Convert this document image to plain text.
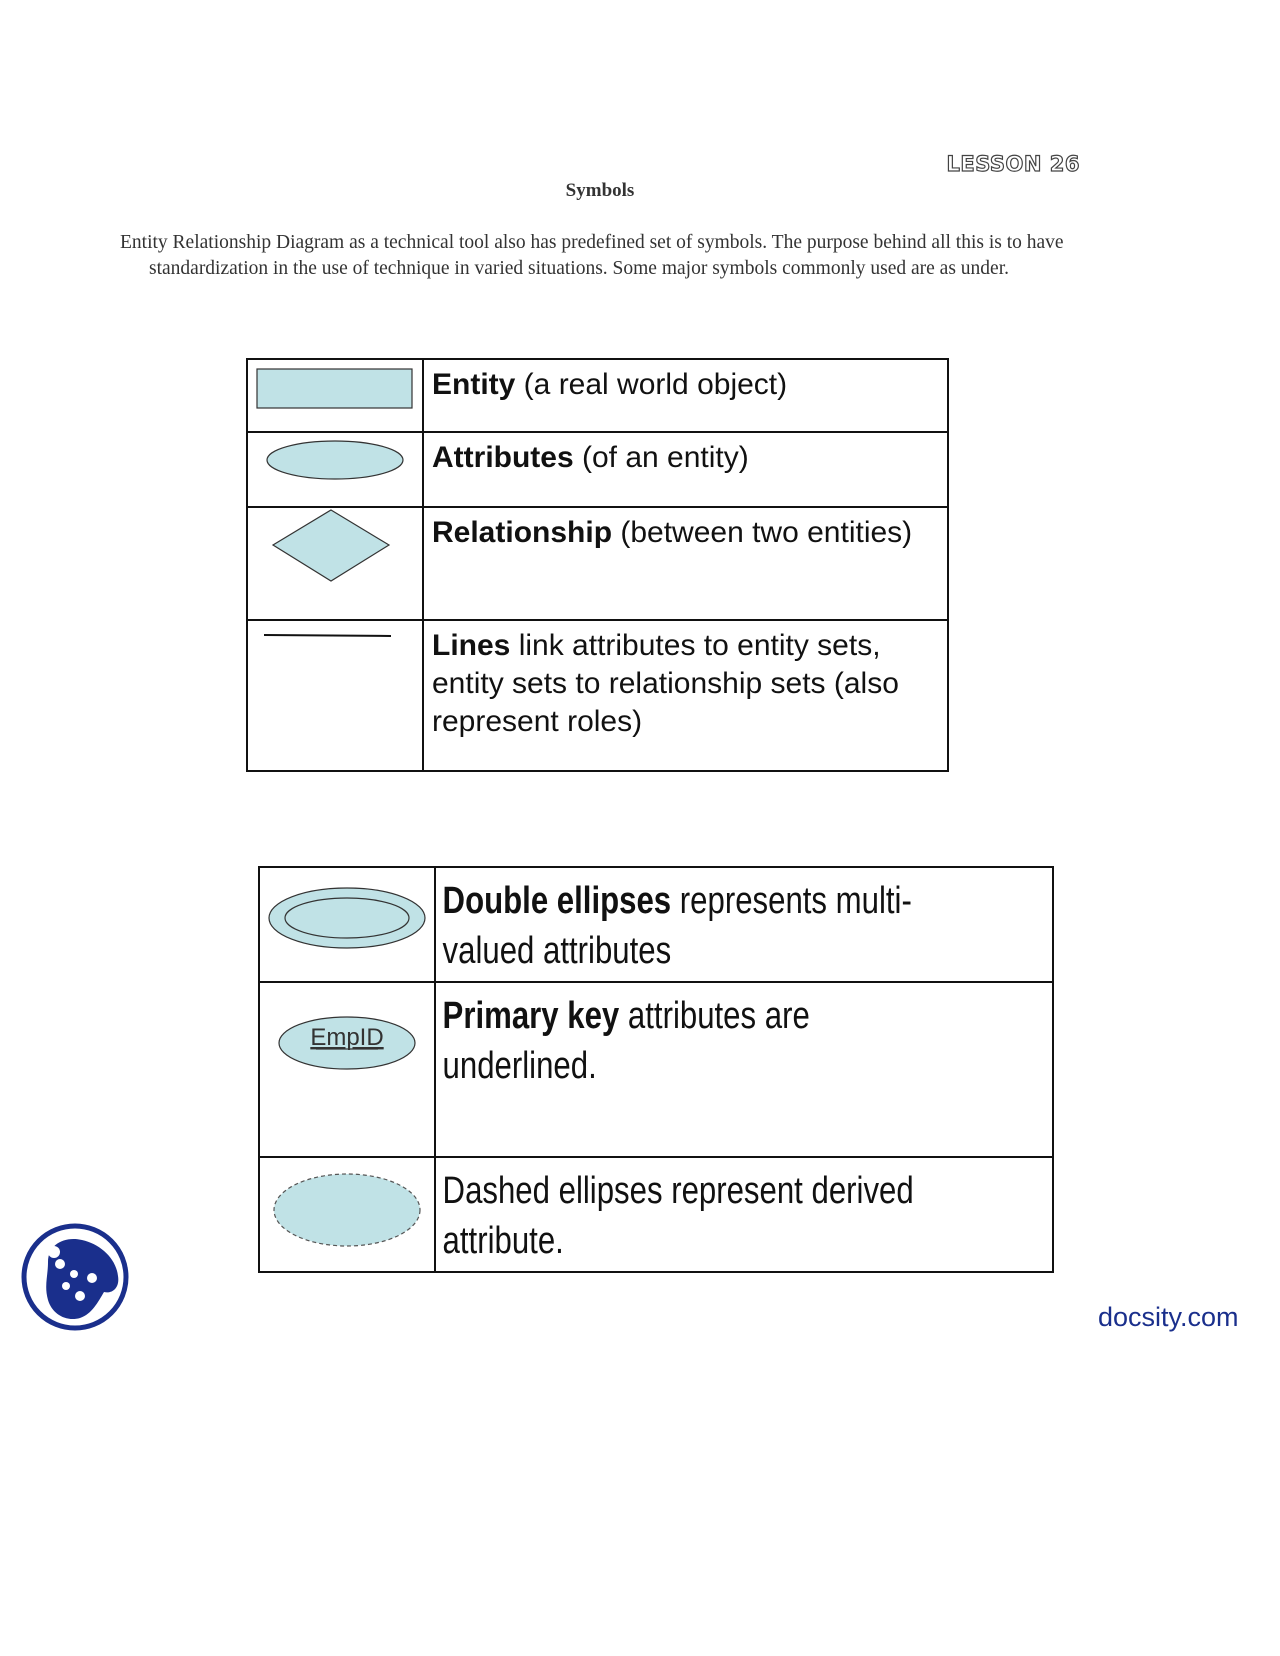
LESSON 26
Symbols
Entity Relationship Diagram as a technical tool also has predefined set of symbols. The purpose behind all this is to have standardization in the use of technique in varied situations. Some major symbols commonly used are as under.

Entity (a real world object)

Attributes (of an entity)

Relationship (between two entities)

Lines link attributes to entity sets, entity sets to relationship sets (also represent roles)

Double ellipses represents multi-valued attributes

EmpID	Primary key attributes are underlined.

Dashed ellipses represent derived attribute.
docsity.com
